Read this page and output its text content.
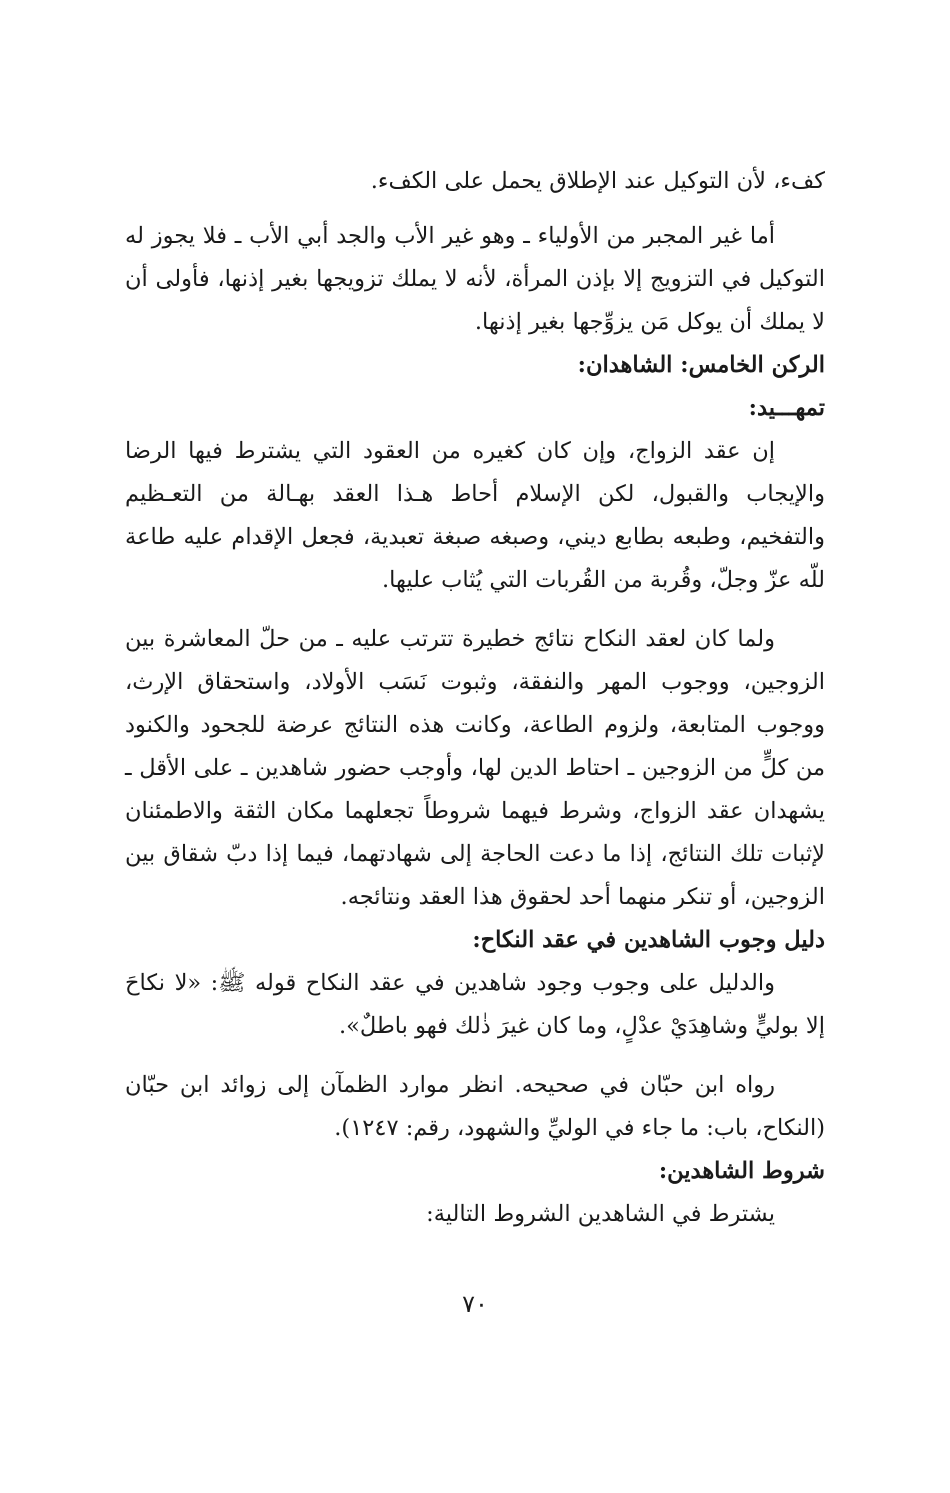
كفء، لأن التوكيل عند الإطلاق يحمل على الكفء.

أما غير المجبر من الأولياء ـ وهو غير الأب والجد أبي الأب ـ فلا يجوز له التوكيل في التزويج إلا بإذن المرأة، لأنه لا يملك تزويجها بغير إذنها، فأولى أن لا يملك أن يوكل مَن يزوِّجها بغير إذنها.

الركن الخامس: الشاهدان:

تمهـــيد:

إن عقد الزواج، وإن كان كغيره من العقود التي يشترط فيها الرضا والإيجاب والقبول، لكن الإسلام أحاط هـذا العقد بهـالة من التعـظيم والتفخيم، وطبعه بطابع ديني، وصبغه صبغة تعبدية، فجعل الإقدام عليه طاعة للّه عزّ وجلّ، وقُربة من القُربات التي يُثاب عليها.

ولما كان لعقد النكاح نتائج خطيرة تترتب عليه ـ من حلّ المعاشرة بين الزوجين، ووجوب المهر والنفقة، وثبوت نَسَب الأولاد، واستحقاق الإرث، ووجوب المتابعة، ولزوم الطاعة، وكانت هذه النتائج عرضة للجحود والكنود من كلٍّ من الزوجين ـ احتاط الدين لها، وأوجب حضور شاهدين ـ على الأقل ـ يشهدان عقد الزواج، وشرط فيهما شروطاً تجعلهما مكان الثقة والاطمئنان لإثبات تلك النتائج، إذا ما دعت الحاجة إلى شهادتهما، فيما إذا دبّ شقاق بين الزوجين، أو تنكر منهما أحد لحقوق هذا العقد ونتائجه.

دليل وجوب الشاهدين في عقد النكاح:

والدليل على وجوب وجود شاهدين في عقد النكاح قوله ﷺ: «لا نكاحَ إلا بوليٍّ وشاهِدَيْ عدْلٍ، وما كان غيرَ ذٰلك فهو باطلٌ».

رواه ابن حبّان في صحيحه. انظر موارد الظمآن إلى زوائد ابن حبّان (النكاح، باب: ما جاء في الوليِّ والشهود، رقم: ١٢٤٧).

شروط الشاهدين:

يشترط في الشاهدين الشروط التالية:

٧٠
